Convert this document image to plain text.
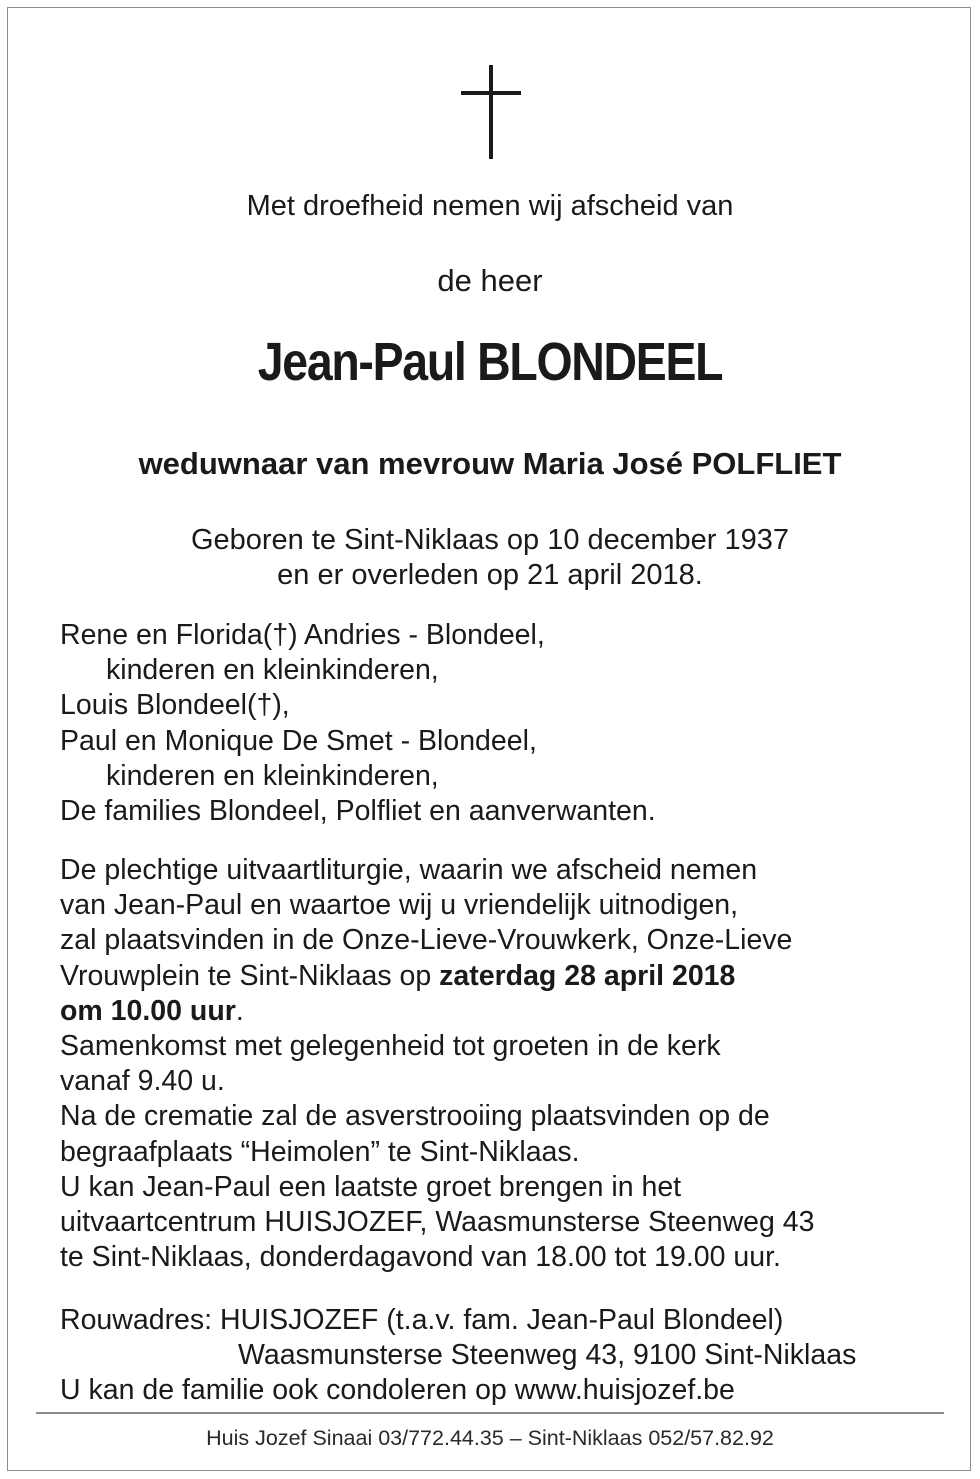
Met droefheid nemen wij afscheid van
de heer
Jean-Paul BLONDEEL
weduwnaar van mevrouw Maria José POLFLIET
Geboren te Sint-Niklaas op 10 december 1937
en er overleden op 21 april 2018.
Rene en Florida(†) Andries - Blondeel,
kinderen en kleinkinderen,
Louis Blondeel(†),
Paul en Monique De Smet - Blondeel,
kinderen en kleinkinderen,
De families Blondeel, Polfliet en aanverwanten.
De plechtige uitvaartliturgie, waarin we afscheid nemen
van Jean-Paul en waartoe wij u vriendelijk uitnodigen,
zal plaatsvinden in de Onze-Lieve-Vrouwkerk, Onze-Lieve
Vrouwplein te Sint-Niklaas op zaterdag 28 april 2018
om 10.00 uur.
Samenkomst met gelegenheid tot groeten in de kerk
vanaf 9.40 u.
Na de crematie zal de asverstrooiing plaatsvinden op de
begraafplaats “Heimolen” te Sint-Niklaas.
U kan Jean-Paul een laatste groet brengen in het
uitvaartcentrum HUISJOZEF, Waasmunsterse Steenweg 43
te Sint-Niklaas, donderdagavond van 18.00 tot 19.00 uur.
Rouwadres: HUISJOZEF (t.a.v. fam. Jean-Paul Blondeel)
Waasmunsterse Steenweg 43, 9100 Sint-Niklaas
U kan de familie ook condoleren op www.huisjozef.be
Huis Jozef Sinaai 03/772.44.35 – Sint-Niklaas 052/57.82.92
